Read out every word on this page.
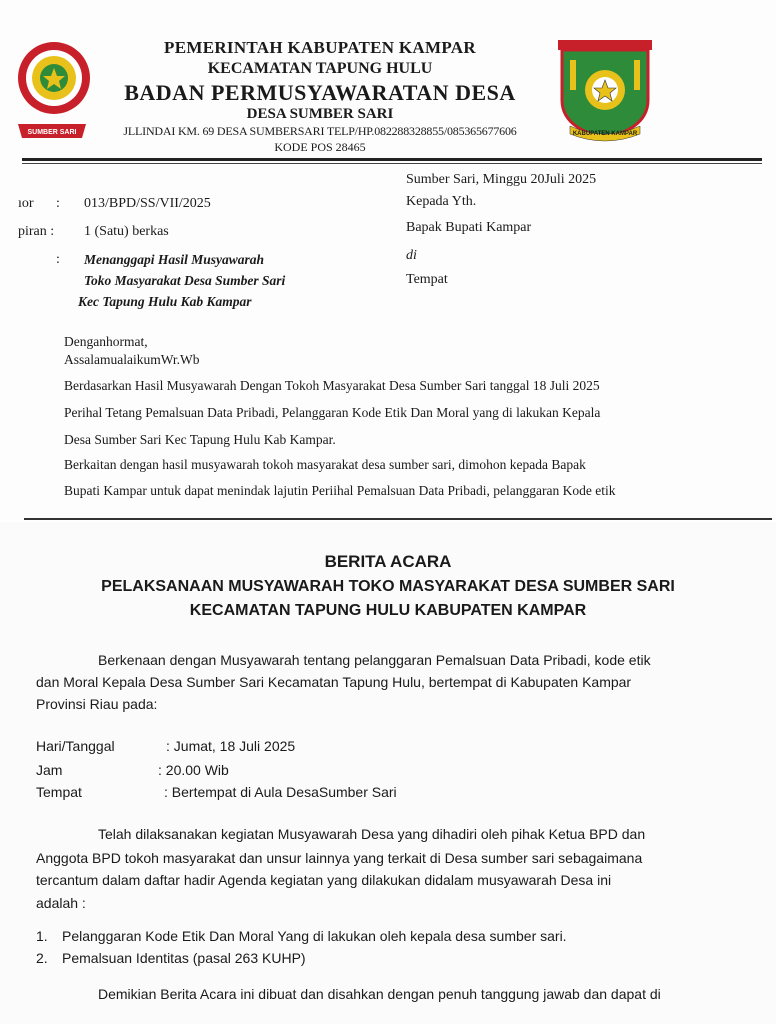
SUMBER SARI	KABUPATEN KAMPAR
PEMERINTAH KABUPATEN KAMPAR
KECAMATAN TAPUNG HULU
BADAN PERMUSYAWARATAN DESA
DESA SUMBER SARI
JLLINDAI KM. 69 DESA SUMBERSARI TELP/HP.082288328855/085365677606
KODE POS 28465
ıor : 013/BPD/SS/VII/2025
piran : 1 (Satu) berkas
: Menanggapi Hasil Musyawarah
Toko Masyarakat Desa Sumber Sari
Kec Tapung Hulu Kab Kampar
Sumber Sari, Minggu 20Juli 2025
Kepada Yth.
Bapak Bupati Kampar
di
Tempat
Denganhormat,
AssalamualaikumWr.Wb
Berdasarkan Hasil Musyawarah Dengan Tokoh Masyarakat Desa Sumber Sari tanggal 18 Juli 2025
Perihal Tetang Pemalsuan Data Pribadi, Pelanggaran Kode Etik Dan Moral yang di lakukan Kepala
Desa Sumber Sari Kec Tapung Hulu Kab Kampar.
Berkaitan dengan hasil musyawarah tokoh masyarakat desa sumber sari, dimohon kepada Bapak
Bupati Kampar untuk dapat menindak lajutin Periihal Pemalsuan Data Pribadi, pelanggaran Kode etik
BERITA ACARA
PELAKSANAAN MUSYAWARAH TOKO MASYARAKAT DESA SUMBER SARI
KECAMATAN TAPUNG HULU KABUPATEN KAMPAR
Berkenaan dengan Musyawarah tentang pelanggaran Pemalsuan Data Pribadi, kode etik
dan Moral Kepala Desa Sumber Sari Kecamatan Tapung Hulu, bertempat di Kabupaten Kampar
Provinsi Riau pada:
Hari/Tanggal	: Jumat, 18 Juli 2025
Jam	: 20.00 Wib
Tempat	: Bertempat di Aula DesaSumber Sari
Telah dilaksanakan kegiatan Musyawarah Desa yang dihadiri oleh pihak Ketua BPD dan
Anggota BPD tokoh masyarakat dan unsur lainnya yang terkait di Desa sumber sari sebagaimana
tercantum dalam daftar hadir Agenda kegiatan yang dilakukan didalam musyawarah Desa ini
adalah :
1. Pelanggaran Kode Etik Dan Moral Yang di lakukan oleh kepala desa sumber sari.
2. Pemalsuan Identitas (pasal 263 KUHP)
Demikian Berita Acara ini dibuat dan disahkan dengan penuh tanggung jawab dan dapat di
